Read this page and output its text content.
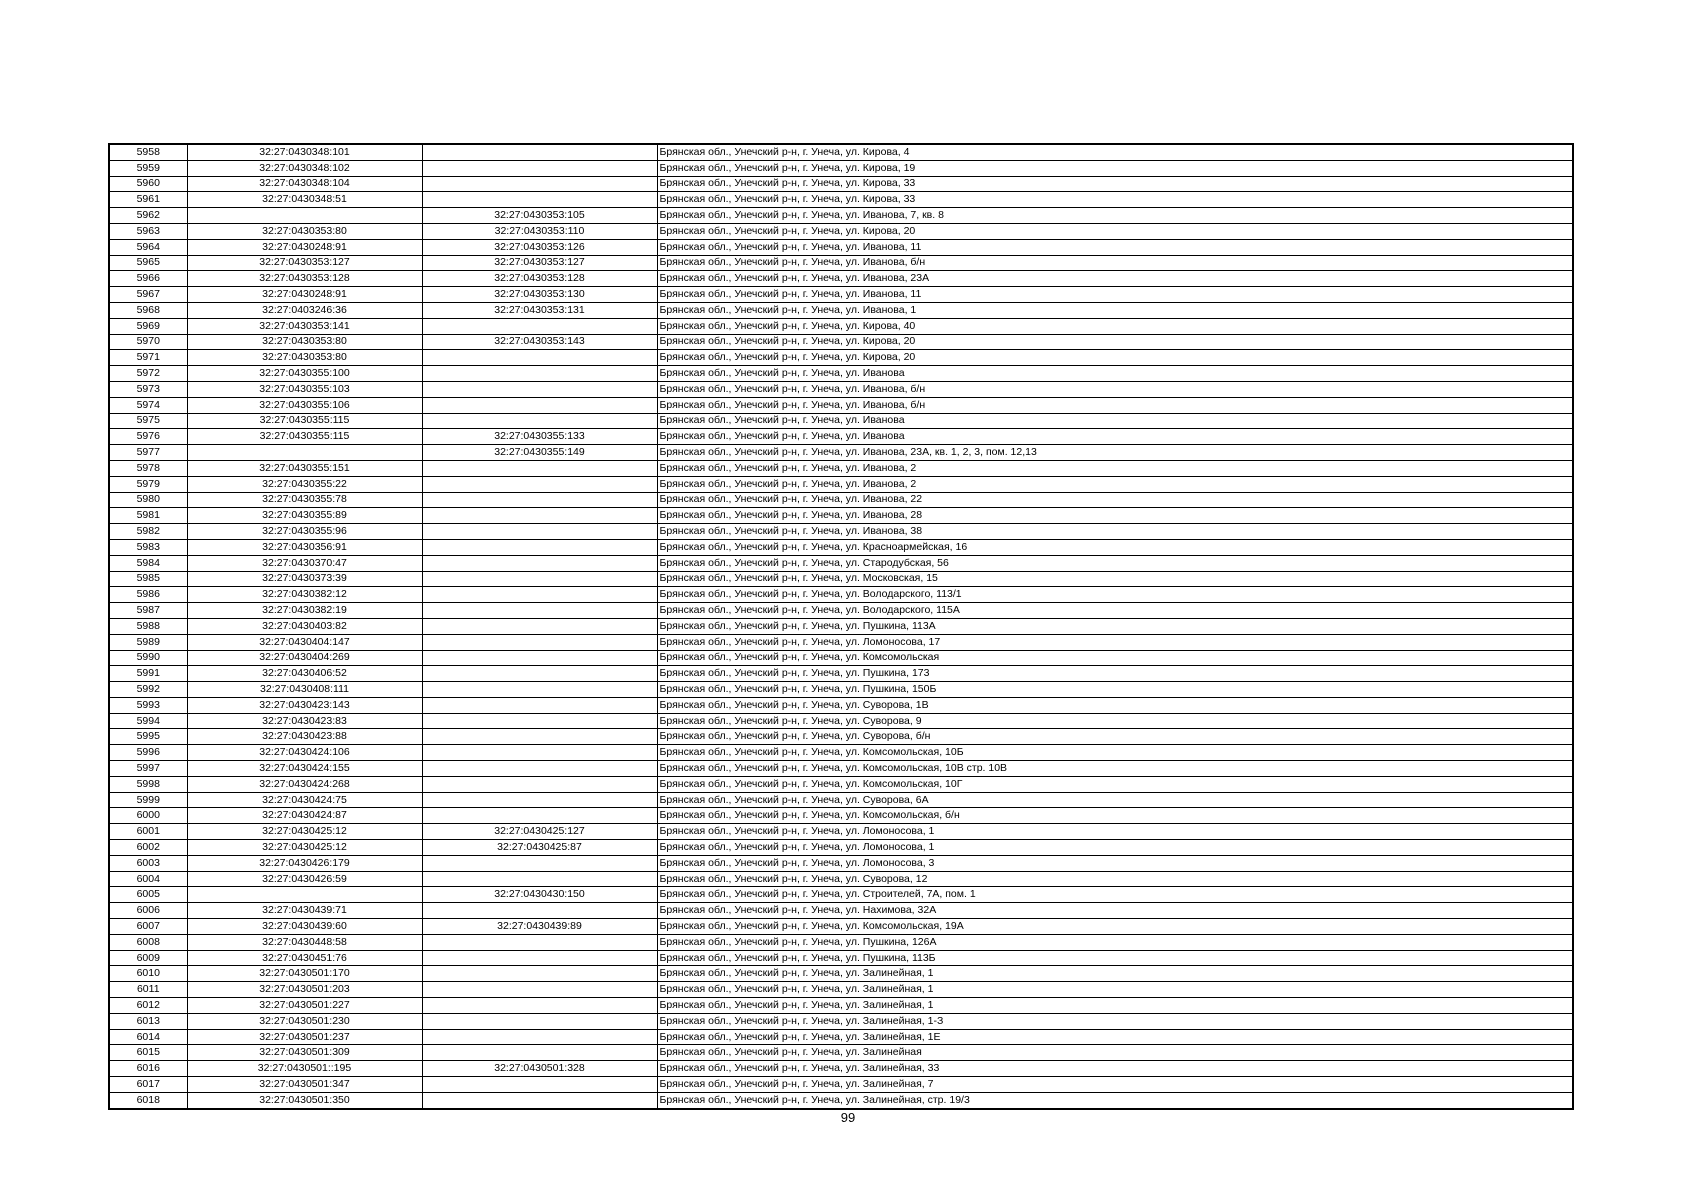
5958	32:27:0430348:101		Брянская обл., Унечский р-н, г. Унеча, ул. Кирова, 4
5959	32:27:0430348:102		Брянская обл., Унечский р-н, г. Унеча, ул. Кирова, 19
5960	32:27:0430348:104		Брянская обл., Унечский р-н, г. Унеча, ул. Кирова, 33
5961	32:27:0430348:51		Брянская обл., Унечский р-н, г. Унеча, ул. Кирова, 33
5962		32:27:0430353:105	Брянская обл., Унечский р-н, г. Унеча, ул. Иванова, 7, кв. 8
5963	32:27:0430353:80	32:27:0430353:110	Брянская обл., Унечский р-н, г. Унеча, ул. Кирова, 20
5964	32:27:0430248:91	32:27:0430353:126	Брянская обл., Унечский р-н, г. Унеча, ул. Иванова, 11
5965	32:27:0430353:127	32:27:0430353:127	Брянская обл., Унечский р-н, г. Унеча, ул. Иванова, б/н
5966	32:27:0430353:128	32:27:0430353:128	Брянская обл., Унечский р-н, г. Унеча, ул. Иванова, 23А
5967	32:27:0430248:91	32:27:0430353:130	Брянская обл., Унечский р-н, г. Унеча, ул. Иванова, 11
5968	32:27:0403246:36	32:27:0430353:131	Брянская обл., Унечский р-н, г. Унеча, ул. Иванова, 1
5969	32:27:0430353:141		Брянская обл., Унечский р-н, г. Унеча, ул. Кирова, 40
5970	32:27:0430353:80	32:27:0430353:143	Брянская обл., Унечский р-н, г. Унеча, ул. Кирова, 20
5971	32:27:0430353:80		Брянская обл., Унечский р-н, г. Унеча, ул. Кирова, 20
5972	32:27:0430355:100		Брянская обл., Унечский р-н, г. Унеча, ул. Иванова
5973	32:27:0430355:103		Брянская обл., Унечский р-н, г. Унеча, ул. Иванова, б/н
5974	32:27:0430355:106		Брянская обл., Унечский р-н, г. Унеча, ул. Иванова, б/н
5975	32:27:0430355:115		Брянская обл., Унечский р-н, г. Унеча, ул. Иванова
5976	32:27:0430355:115	32:27:0430355:133	Брянская обл., Унечский р-н, г. Унеча, ул. Иванова
5977		32:27:0430355:149	Брянская обл., Унечский р-н, г. Унеча, ул. Иванова, 23А, кв. 1, 2, 3, пом. 12,13
5978	32:27:0430355:151		Брянская обл., Унечский р-н, г. Унеча, ул. Иванова, 2
5979	32:27:0430355:22		Брянская обл., Унечский р-н, г. Унеча, ул. Иванова, 2
5980	32:27:0430355:78		Брянская обл., Унечский р-н, г. Унеча, ул. Иванова, 22
5981	32:27:0430355:89		Брянская обл., Унечский р-н, г. Унеча, ул. Иванова, 28
5982	32:27:0430355:96		Брянская обл., Унечский р-н, г. Унеча, ул. Иванова, 38
5983	32:27:0430356:91		Брянская обл., Унечский р-н, г. Унеча, ул. Красноармейская, 16
5984	32:27:0430370:47		Брянская обл., Унечский р-н, г. Унеча, ул. Стародубская, 56
5985	32:27:0430373:39		Брянская обл., Унечский р-н, г. Унеча, ул. Московская, 15
5986	32:27:0430382:12		Брянская обл., Унечский р-н, г. Унеча, ул. Володарского, 113/1
5987	32:27:0430382:19		Брянская обл., Унечский р-н, г. Унеча, ул. Володарского, 115А
5988	32:27:0430403:82		Брянская обл., Унечский р-н, г. Унеча, ул. Пушкина, 113А
5989	32:27:0430404:147		Брянская обл., Унечский р-н, г. Унеча, ул. Ломоносова, 17
5990	32:27:0430404:269		Брянская обл., Унечский р-н, г. Унеча, ул. Комсомольская
5991	32:27:0430406:52		Брянская обл., Унечский р-н, г. Унеча, ул. Пушкина, 173
5992	32:27:0430408:111		Брянская обл., Унечский р-н, г. Унеча, ул. Пушкина, 150Б
5993	32:27:0430423:143		Брянская обл., Унечский р-н, г. Унеча, ул. Суворова, 1В
5994	32:27:0430423:83		Брянская обл., Унечский р-н, г. Унеча, ул. Суворова, 9
5995	32:27:0430423:88		Брянская обл., Унечский р-н, г. Унеча, ул. Суворова, б/н
5996	32:27:0430424:106		Брянская обл., Унечский р-н, г. Унеча, ул. Комсомольская, 10Б
5997	32:27:0430424:155		Брянская обл., Унечский р-н, г. Унеча, ул. Комсомольская, 10В стр. 10В
5998	32:27:0430424:268		Брянская обл., Унечский р-н, г. Унеча, ул. Комсомольская, 10Г
5999	32:27:0430424:75		Брянская обл., Унечский р-н, г. Унеча, ул. Суворова, 6А
6000	32:27:0430424:87		Брянская обл., Унечский р-н, г. Унеча, ул. Комсомольская, б/н
6001	32:27:0430425:12	32:27:0430425:127	Брянская обл., Унечский р-н, г. Унеча, ул. Ломоносова, 1
6002	32:27:0430425:12	32:27:0430425:87	Брянская обл., Унечский р-н, г. Унеча, ул. Ломоносова, 1
6003	32:27:0430426:179		Брянская обл., Унечский р-н, г. Унеча, ул. Ломоносова, 3
6004	32:27:0430426:59		Брянская обл., Унечский р-н, г. Унеча, ул. Суворова, 12
6005		32:27:0430430:150	Брянская обл., Унечский р-н, г. Унеча, ул. Строителей, 7А, пом. 1
6006	32:27:0430439:71		Брянская обл., Унечский р-н, г. Унеча, ул. Нахимова, 32А
6007	32:27:0430439:60	32:27:0430439:89	Брянская обл., Унечский р-н, г. Унеча, ул. Комсомольская, 19А
6008	32:27:0430448:58		Брянская обл., Унечский р-н, г. Унеча, ул. Пушкина, 126А
6009	32:27:0430451:76		Брянская обл., Унечский р-н, г. Унеча, ул. Пушкина, 113Б
6010	32:27:0430501:170		Брянская обл., Унечский р-н, г. Унеча, ул. Залинейная, 1
6011	32:27:0430501:203		Брянская обл., Унечский р-н, г. Унеча, ул. Залинейная, 1
6012	32:27:0430501:227		Брянская обл., Унечский р-н, г. Унеча, ул. Залинейная, 1
6013	32:27:0430501:230		Брянская обл., Унечский р-н, г. Унеча, ул. Залинейная, 1-З
6014	32:27:0430501:237		Брянская обл., Унечский р-н, г. Унеча, ул. Залинейная, 1Е
6015	32:27:0430501:309		Брянская обл., Унечский р-н, г. Унеча, ул. Залинейная
6016	32:27:0430501::195	32:27:0430501:328	Брянская обл., Унечский р-н, г. Унеча, ул. Залинейная, 33
6017	32:27:0430501:347		Брянская обл., Унечский р-н, г. Унеча, ул. Залинейная, 7
6018	32:27:0430501:350		Брянская обл., Унечский р-н, г. Унеча, ул. Залинейная, стр. 19/3
99
